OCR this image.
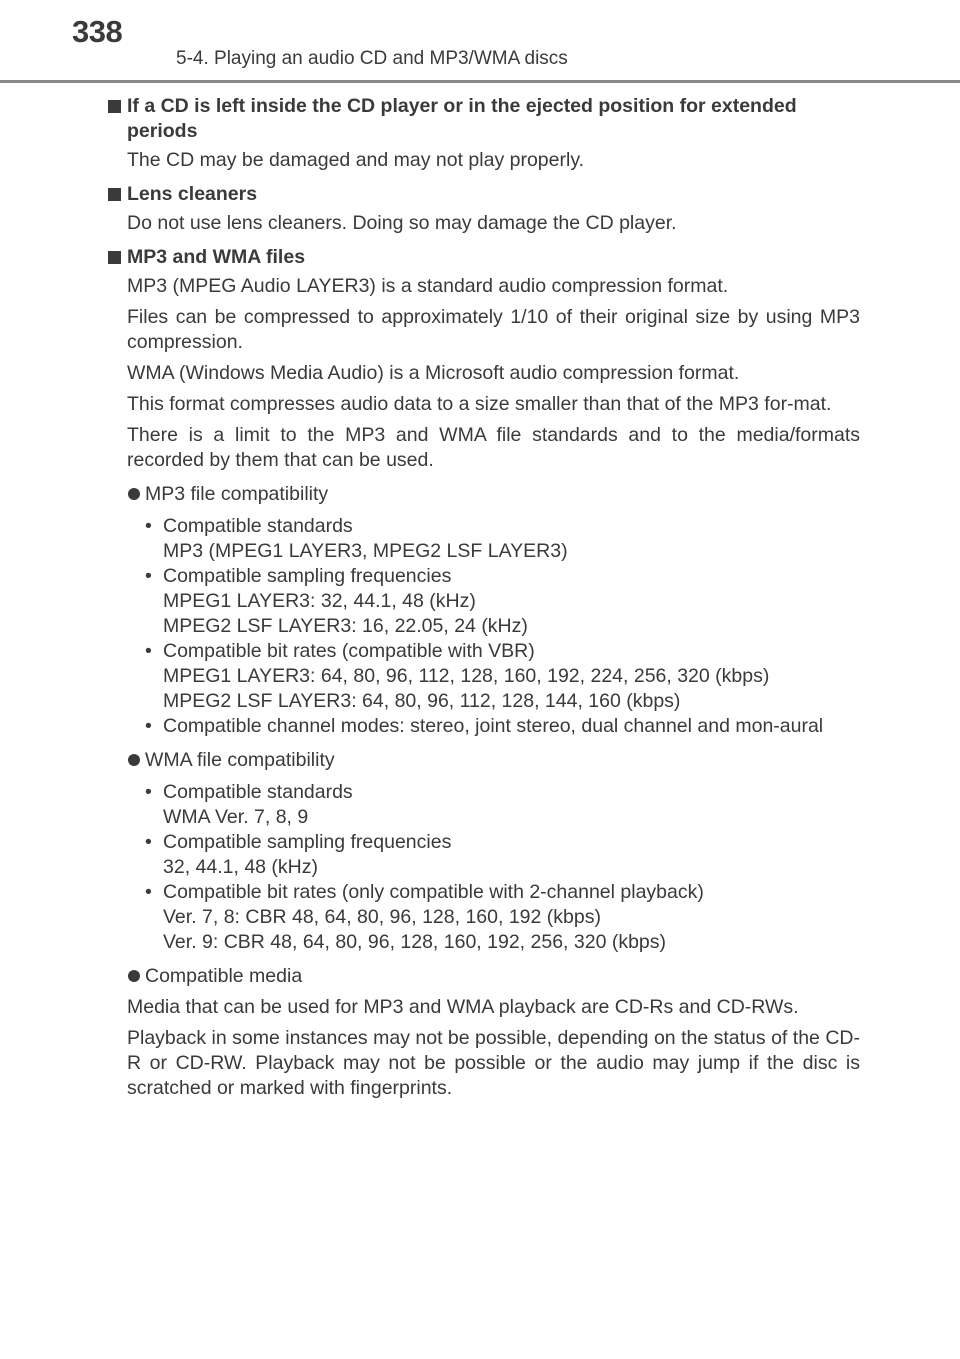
338
5-4. Playing an audio CD and MP3/WMA discs
If a CD is left inside the CD player or in the ejected position for extended periods
The CD may be damaged and may not play properly.
Lens cleaners
Do not use lens cleaners. Doing so may damage the CD player.
MP3 and WMA files
MP3 (MPEG Audio LAYER3) is a standard audio compression format.
Files can be compressed to approximately 1/10 of their original size by using MP3 compression.
WMA (Windows Media Audio) is a Microsoft audio compression format.
This format compresses audio data to a size smaller than that of the MP3 for-mat.
There is a limit to the MP3 and WMA file standards and to the media/formats recorded by them that can be used.
MP3 file compatibility
• Compatible standards
MP3 (MPEG1 LAYER3, MPEG2 LSF LAYER3)
• Compatible sampling frequencies
MPEG1 LAYER3: 32, 44.1, 48 (kHz)
MPEG2 LSF LAYER3: 16, 22.05, 24 (kHz)
• Compatible bit rates (compatible with VBR)
MPEG1 LAYER3: 64, 80, 96, 112, 128, 160, 192, 224, 256, 320 (kbps)
MPEG2 LSF LAYER3: 64, 80, 96, 112, 128, 144, 160 (kbps)
• Compatible channel modes: stereo, joint stereo, dual channel and mon-aural
WMA file compatibility
• Compatible standards
WMA Ver. 7, 8, 9
• Compatible sampling frequencies
32, 44.1, 48 (kHz)
• Compatible bit rates (only compatible with 2-channel playback)
Ver. 7, 8: CBR 48, 64, 80, 96, 128, 160, 192 (kbps)
Ver. 9: CBR 48, 64, 80, 96, 128, 160, 192, 256, 320 (kbps)
Compatible media
Media that can be used for MP3 and WMA playback are CD-Rs and CD-RWs.
Playback in some instances may not be possible, depending on the status of the CD-R or CD-RW. Playback may not be possible or the audio may jump if the disc is scratched or marked with fingerprints.
